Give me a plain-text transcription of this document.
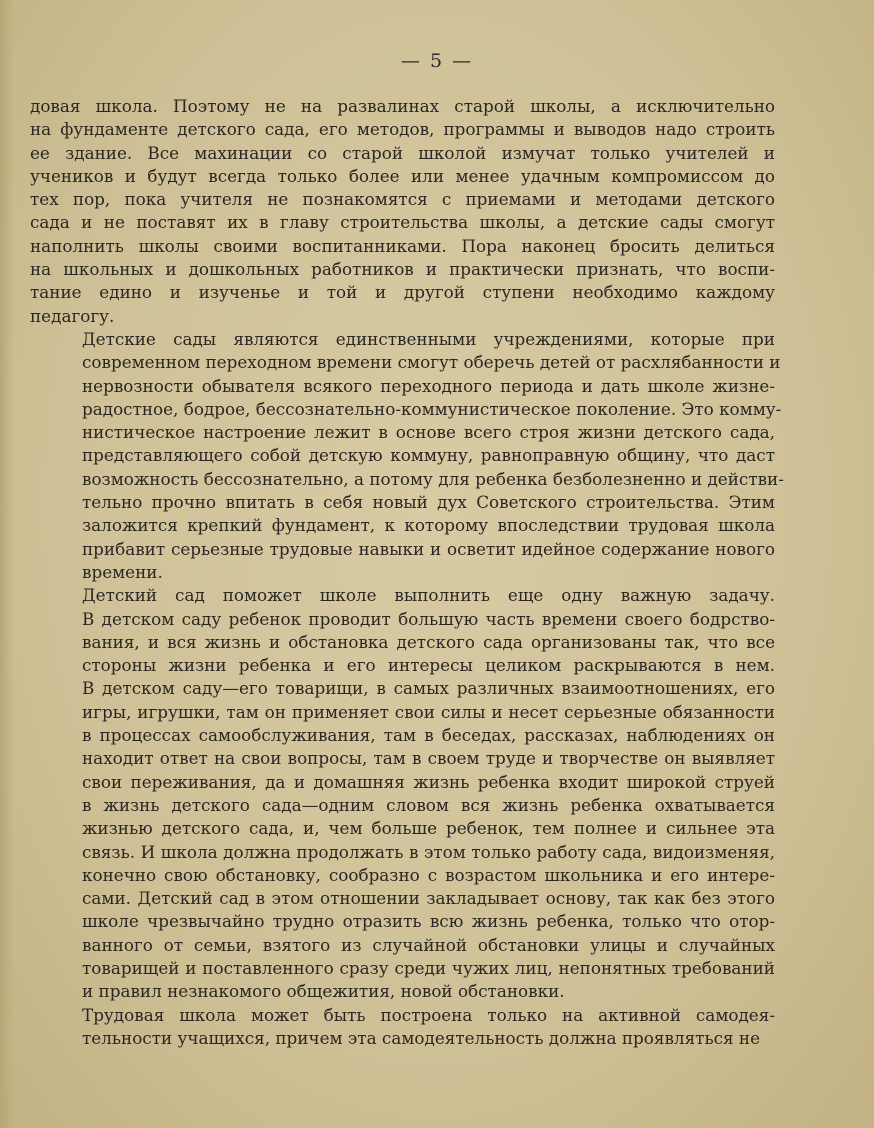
— 5 —

довая школа. Поэтому не на развалинах старой школы, а исключительно
на фундаменте детского сада, его методов, программы и выводов надо строить
ее здание. Все махинации со старой школой измучат только учителей и
учеников и будут всегда только более или менее удачным компромиссом до
тех пор, пока учителя не познакомятся с приемами и методами детского
сада и не поставят их в главу строительства школы, а детские сады смогут
наполнить школы своими воспитанниками. Пора наконец бросить делиться
на школьных и дошкольных работников и практически признать, что воспи-
тание едино и изученье и той и другой ступени необходимо каждому
педагогу.

Детские сады являются единственными учреждениями, которые при
современном переходном времени смогут оберечь детей от расхлябанности и
нервозности обывателя всякого переходного периода и дать школе жизне-
радостное, бодрое, бессознательно-коммунистическое поколение. Это комму-
нистическое настроение лежит в основе всего строя жизни детского сада,
представляющего собой детскую коммуну, равноправную общину, что даст
возможность бессознательно, а потому для ребенка безболезненно и действи-
тельно прочно впитать в себя новый дух Советского строительства. Этим
заложится крепкий фундамент, к которому впоследствии трудовая школа
прибавит серьезные трудовые навыки и осветит идейное содержание нового
времени.

Детский сад поможет школе выполнить еще одну важную задачу.
В детском саду ребенок проводит большую часть времени своего бодрство-
вания, и вся жизнь и обстановка детского сада организованы так, что все
стороны жизни ребенка и его интересы целиком раскрываются в нем.
В детском саду—его товарищи, в самых различных взаимоотношениях, его
игры, игрушки, там он применяет свои силы и несет серьезные обязанности
в процессах самообслуживания, там в беседах, рассказах, наблюдениях он
находит ответ на свои вопросы, там в своем труде и творчестве он выявляет
свои переживания, да и домашняя жизнь ребенка входит широкой струей
в жизнь детского сада—одним словом вся жизнь ребенка охватывается
жизнью детского сада, и, чем больше ребенок, тем полнее и сильнее эта
связь. И школа должна продолжать в этом только работу сада, видоизменяя,
конечно свою обстановку, сообразно с возрастом школьника и его интере-
сами. Детский сад в этом отношении закладывает основу, так как без этого
школе чрезвычайно трудно отразить всю жизнь ребенка, только что отор-
ванного от семьи, взятого из случайной обстановки улицы и случайных
товарищей и поставленного сразу среди чужих лиц, непонятных требований
и правил незнакомого общежития, новой обстановки.

Трудовая школа может быть построена только на активной самодея-
тельности учащихся, причем эта самодеятельность должна проявляться не
